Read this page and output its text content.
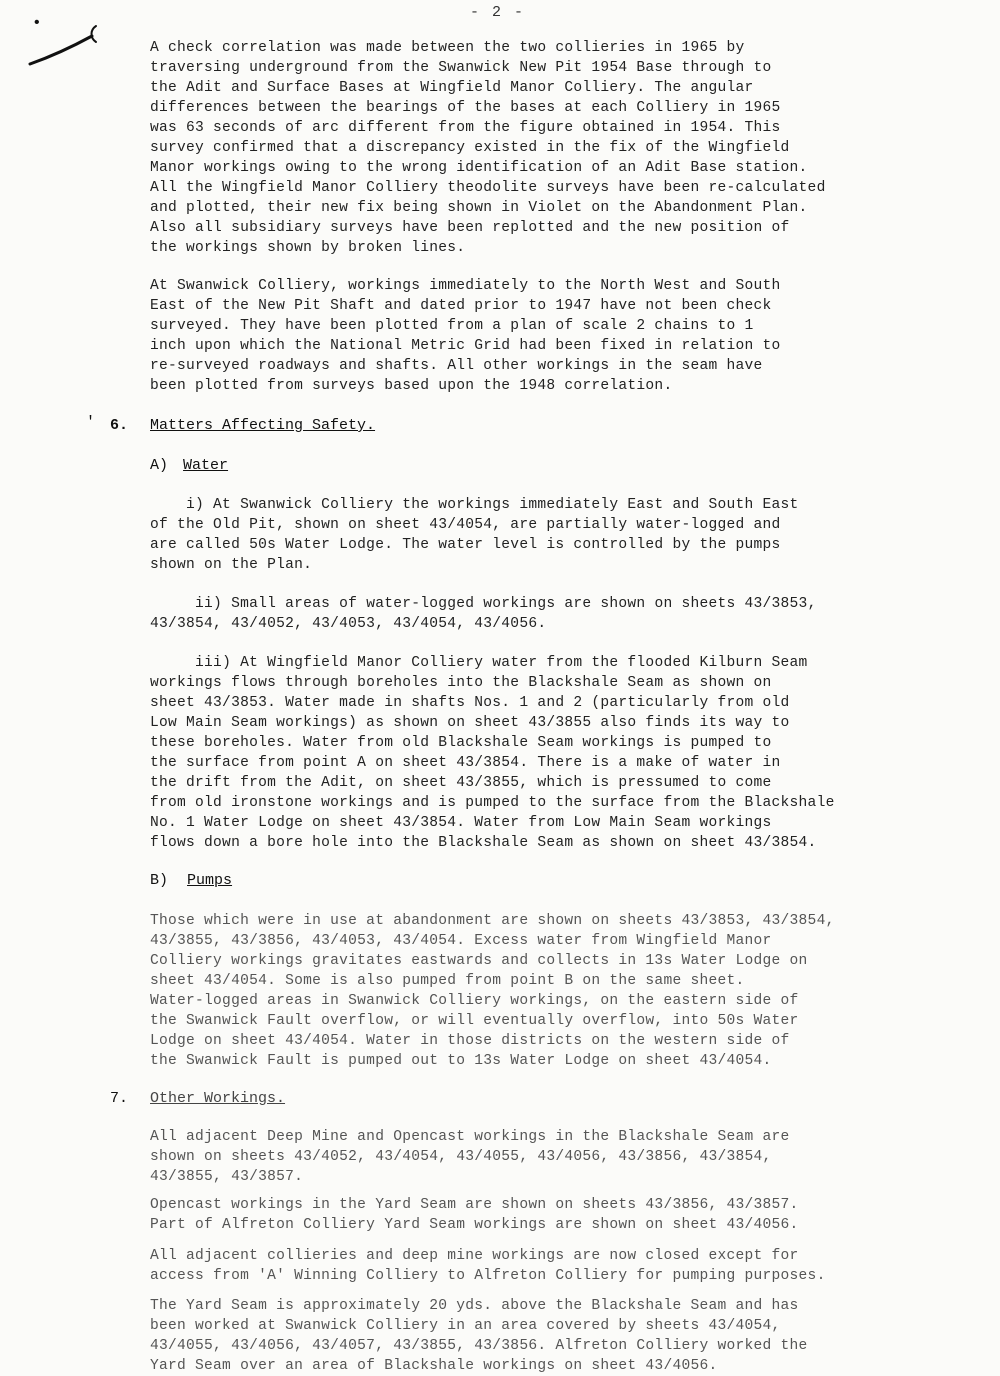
•
- 2 -
A check correlation was made between the two collieries in 1965 by
traversing underground from the Swanwick New Pit 1954 Base through to
the Adit and Surface Bases at Wingfield Manor Colliery. The angular
differences between the bearings of the bases at each Colliery in 1965
was 63 seconds of arc different from the figure obtained in 1954. This
survey confirmed that a discrepancy existed in the fix of the Wingfield
Manor workings owing to the wrong identification of an Adit Base station.
All the Wingfield Manor Colliery theodolite surveys have been re-calculated
and plotted, their new fix being shown in Violet on the Abandonment Plan.
Also all subsidiary surveys have been replotted and the new position of
the workings shown by broken lines.
At Swanwick Colliery, workings immediately to the North West and South
East of the New Pit Shaft and dated prior to 1947 have not been check
surveyed. They have been plotted from a plan of scale 2 chains to 1
inch upon which the National Metric Grid had been fixed in relation to
re-surveyed roadways and shafts. All other workings in the seam have
been plotted from surveys based upon the 1948 correlation.
' 6. Matters Affecting Safety.
A) Water
i) At Swanwick Colliery the workings immediately East and South East
of the Old Pit, shown on sheet 43/4054, are partially water-logged and
are called 50s Water Lodge. The water level is controlled by the pumps
shown on the Plan.
ii) Small areas of water-logged workings are shown on sheets 43/3853,
43/3854, 43/4052, 43/4053, 43/4054, 43/4056.
iii) At Wingfield Manor Colliery water from the flooded Kilburn Seam
workings flows through boreholes into the Blackshale Seam as shown on
sheet 43/3853. Water made in shafts Nos. 1 and 2 (particularly from old
Low Main Seam workings) as shown on sheet 43/3855 also finds its way to
these boreholes. Water from old Blackshale Seam workings is pumped to
the surface from point A on sheet 43/3854. There is a make of water in
the drift from the Adit, on sheet 43/3855, which is pressumed to come
from old ironstone workings and is pumped to the surface from the Blackshale
No. 1 Water Lodge on sheet 43/3854. Water from Low Main Seam workings
flows down a bore hole into the Blackshale Seam as shown on sheet 43/3854.
B) Pumps
Those which were in use at abandonment are shown on sheets 43/3853, 43/3854,
43/3855, 43/3856, 43/4053, 43/4054. Excess water from Wingfield Manor
Colliery workings gravitates eastwards and collects in 13s Water Lodge on
sheet 43/4054. Some is also pumped from point B on the same sheet.
Water-logged areas in Swanwick Colliery workings, on the eastern side of
the Swanwick Fault overflow, or will eventually overflow, into 50s Water
Lodge on sheet 43/4054. Water in those districts on the western side of
the Swanwick Fault is pumped out to 13s Water Lodge on sheet 43/4054.
7. Other Workings.
All adjacent Deep Mine and Opencast workings in the Blackshale Seam are
shown on sheets 43/4052, 43/4054, 43/4055, 43/4056, 43/3856, 43/3854,
43/3855, 43/3857.
Opencast workings in the Yard Seam are shown on sheets 43/3856, 43/3857.
Part of Alfreton Colliery Yard Seam workings are shown on sheet 43/4056.
All adjacent collieries and deep mine workings are now closed except for
access from 'A' Winning Colliery to Alfreton Colliery for pumping purposes.
The Yard Seam is approximately 20 yds. above the Blackshale Seam and has
been worked at Swanwick Colliery in an area covered by sheets 43/4054,
43/4055, 43/4056, 43/4057, 43/3855, 43/3856. Alfreton Colliery worked the
Yard Seam over an area of Blackshale workings on sheet 43/4056.
